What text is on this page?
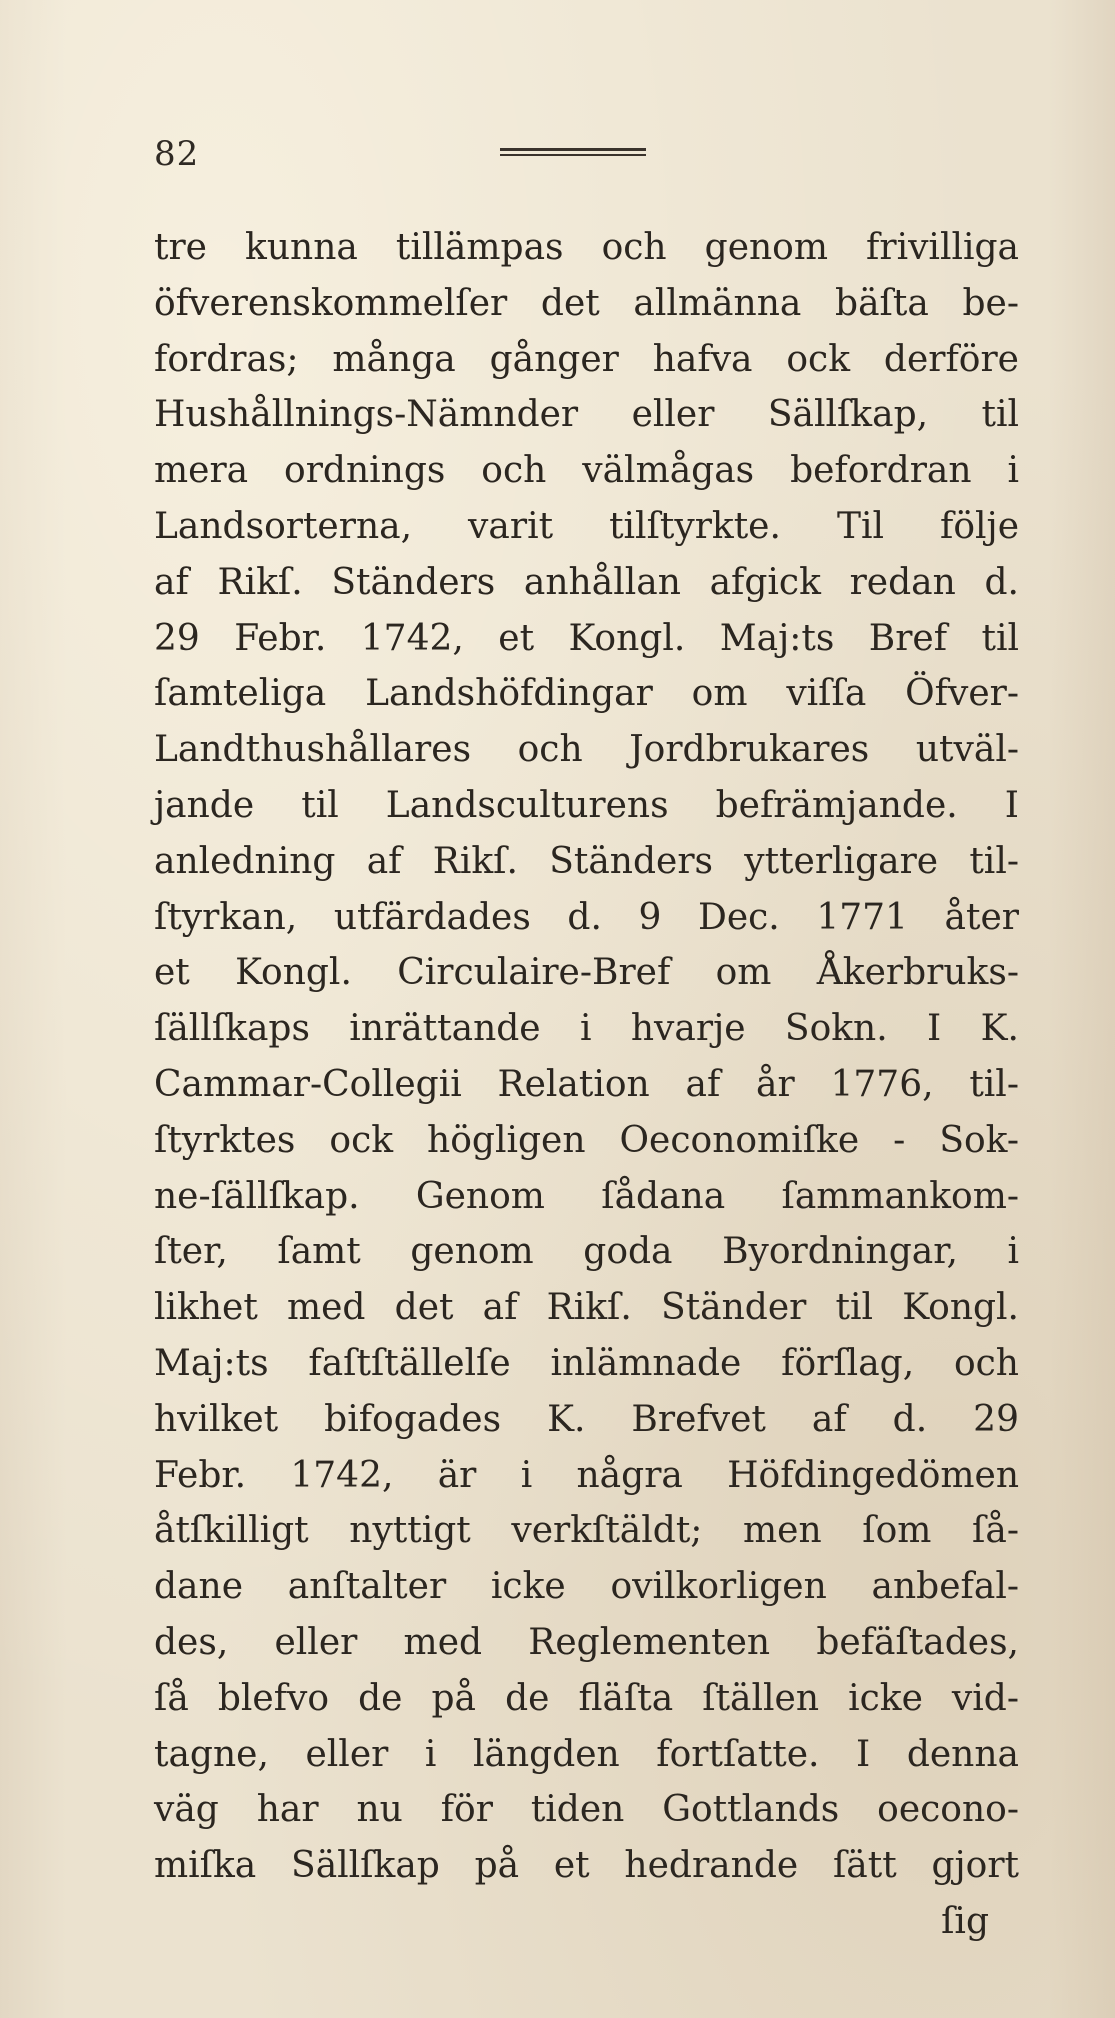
82
tre kunna tillämpas och genom frivilliga
öfverenskommelſer det allmänna bäſta be-
fordras; många gånger hafva ock derföre
Hushållnings-Nämnder eller Sällſkap, til
mera ordnings och välmågas befordran i
Landsorterna, varit tilſtyrkte. Til följe
af Rikſ. Ständers anhållan afgick redan d.
29 Febr. 1742, et Kongl. Maj:ts Bref til
ſamteliga Landshöfdingar om viſſa Öfver-
Landthushållares och Jordbrukares utväl-
jande til Landsculturens befrämjande. I
anledning af Rikſ. Ständers ytterligare til-
ſtyrkan, utfärdades d. 9 Dec. 1771 åter
et Kongl. Circulaire-Bref om Åkerbruks-
ſällſkaps inrättande i hvarje Sokn. I K.
Cammar-Collegii Relation af år 1776, til-
ſtyrktes ock högligen Oeconomiſke - Sok-
ne-ſällſkap. Genom ſådana ſammankom-
ſter, ſamt genom goda Byordningar, i
likhet med det af Rikſ. Ständer til Kongl.
Maj:ts faſtſtällelſe inlämnade förſlag, och
hvilket bifogades K. Brefvet af d. 29
Febr. 1742, är i några Höfdingedömen
åtſkilligt nyttigt verkſtäldt; men ſom ſå-
dane anſtalter icke ovilkorligen anbefal-
des, eller med Reglementen befäſtades,
ſå blefvo de på de fläſta ſtällen icke vid-
tagne, eller i längden fortſatte. I denna
väg har nu för tiden Gottlands oecono-
miſka Sällſkap på et hedrande ſätt gjort
ſig
